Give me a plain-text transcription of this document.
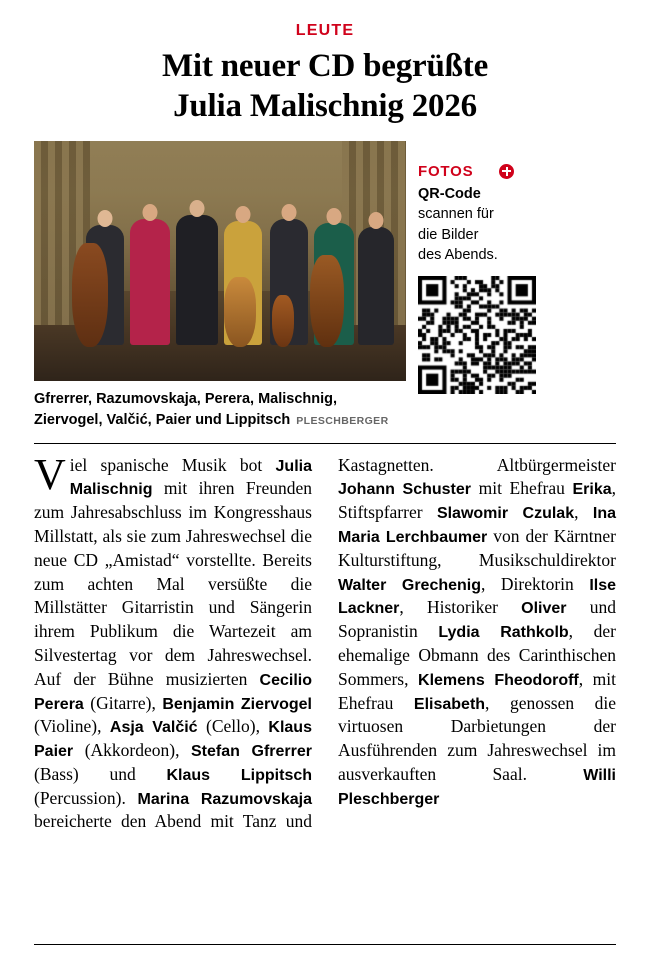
LEUTE
Mit neuer CD begrüßte
Julia Malischnig 2026
Gfrerrer, Razumovskaja, Perera, Malischnig,
Ziervogel, Valčić, Paier und Lippitsch PLESCHBERGER
FOTOS
QR-Code
scannen für
die Bilder
des Abends.

Viel spanische Musik bot Julia Malischnig mit ihren Freunden zum Jahresabschluss im Kongresshaus Millstatt, als sie zum Jahreswechsel die neue CD „Amistad“ vorstellte. Bereits zum achten Mal versüßte die Millstätter Gitarristin und Sängerin ihrem Publikum die Wartezeit am Silvestertag vor dem Jahreswechsel. Auf der Bühne musizierten Cecilio Perera (Gitarre), Benjamin Ziervogel (Violine), Asja Valčić (Cello), Klaus Paier (Akkordeon), Stefan Gfrerrer (Bass) und Klaus Lippitsch (Percussion). Marina Razumovskaja bereicherte den Abend mit Tanz und Kastagnetten. Altbürgermeister Johann Schuster mit Ehefrau Erika, Stiftspfarrer Slawomir Czulak, Ina Maria Lerchbaumer von der Kärntner Kulturstiftung, Musikschuldirektor Walter Grechenig, Direktorin Ilse Lackner, Historiker Oliver und Sopranistin Lydia Rathkolb, der ehemalige Obmann des Carinthischen Sommers, Klemens Fheodoroff, mit Ehefrau Elisabeth, genossen die virtuosen Darbietungen der Ausführenden zum Jahreswechsel im ausverkauften Saal.	Willi Pleschberger
